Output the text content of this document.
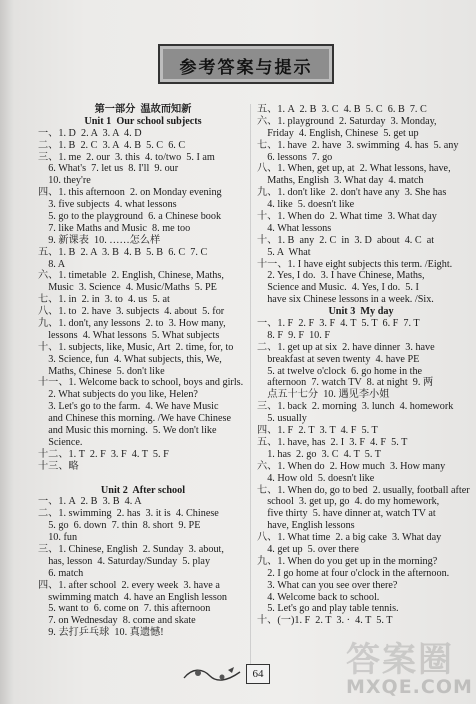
参考答案与提示
第一部分  温故而知新
Unit 1  Our school subjects
一、1. D  2. A  3. A  4. D
二、1. B  2. C  3. A  4. B  5. C  6. C
三、1. me  2. our  3. this  4. to/two  5. I am
6. What's  7. let us  8. I'll  9. our
10. they're
四、1. this afternoon  2. on Monday evening
3. five subjects  4. what lessons
5. go to the playground  6. a Chinese book
7. like Maths and Music  8. me too
9. 新课表  10. ……怎么样
五、1. B  2. A  3. B  4. B  5. B  6. C  7. C
8. A
六、1. timetable  2. English, Chinese, Maths,
Music  3. Science  4. Music/Maths  5. PE
七、1. in  2. in  3. to  4. us  5. at
八、1. to  2. have  3. subjects  4. about  5. for
九、1. don't, any lessons  2. to  3. How many,
lessons  4. What lessons  5. What subjects
十、1. subjects, like, Music, Art  2. time, for, to
3. Science, fun  4. What subjects, this, We,
Maths, Chinese  5. don't like
十一、1. Welcome back to school, boys and girls.
2. What subjects do you like, Helen?
3. Let's go to the farm.  4. We have Music
and Chinese this morning. /We have Chinese
and Music this morning.  5. We don't like
Science.
十二、1. T  2. F  3. F  4. T  5. F
十三、略
Unit 2  After school
一、1. A  2. B  3. B  4. A
二、1. swimming  2. has  3. it is  4. Chinese
5. go  6. down  7. thin  8. short  9. PE
10. fun
三、1. Chinese, English  2. Sunday  3. about,
has, lesson  4. Saturday/Sunday  5. play
6. match
四、1. after school  2. every week  3. have a
swimming match  4. have an English lesson
5. want to  6. come on  7. this afternoon
7. on Wednesday  8. come and skate
9. 去打乒乓球  10. 真遗憾!
五、1. A  2. B  3. C  4. B  5. C  6. B  7. C
六、1. playground  2. Saturday  3. Monday,
Friday  4. English, Chinese  5. get up
七、1. have  2. have  3. swimming  4. has  5. any
6. lessons  7. go
八、1. When, get up, at  2. What lessons, have,
Maths, English  3. What day  4. match
九、1. don't like  2. don't have any  3. She has
4. like  5. doesn't like
十、1. When do  2. What time  3. What day
4. What lessons
十、1. B  any  2. C  in  3. D  about  4. C  at
5. A  What
十一、1. I have eight subjects this term. /Eight.
2. Yes, I do.  3. I have Chinese, Maths,
Science and Music.  4. Yes, I do.  5. I
have six Chinese lessons in a week. /Six.
Unit 3  My day
一、1. F  2. F  3. F  4. T  5. T  6. F  7. T
8. F  9. F  10. F
二、1. get up at six  2. have dinner  3. have
breakfast at seven twenty  4. have PE
5. at twelve o'clock  6. go home in the
afternoon  7. watch TV  8. at night  9. 两
点五十七分  10. 遇见李小姐
三、1. back  2. morning  3. lunch  4. homework
5. usually
四、1. F  2. T  3. T  4. F  5. T
五、1. have, has  2. I  3. F  4. F  5. T
1. has  2. go  3. C  4. T  5. T
六、1. When do  2. How much  3. How many
4. How old  5. doesn't like
七、1. When do, go to bed  2. usually, football after
school  3. get up, go  4. do my homework,
five thirty  5. have dinner at, watch TV at
have, English lessons
八、1. What time  2. a big cake  3. What day
4. get up  5. over there
九、1. When do you get up in the morning?
2. I go home at four o'clock in the afternoon.
3. What can you see over there?
4. Welcome back to school.
5. Let's go and play table tennis.
十、(一)1. F  2. T  3. ·  4. T  5. T
64 答案圈
MXQE.COM
